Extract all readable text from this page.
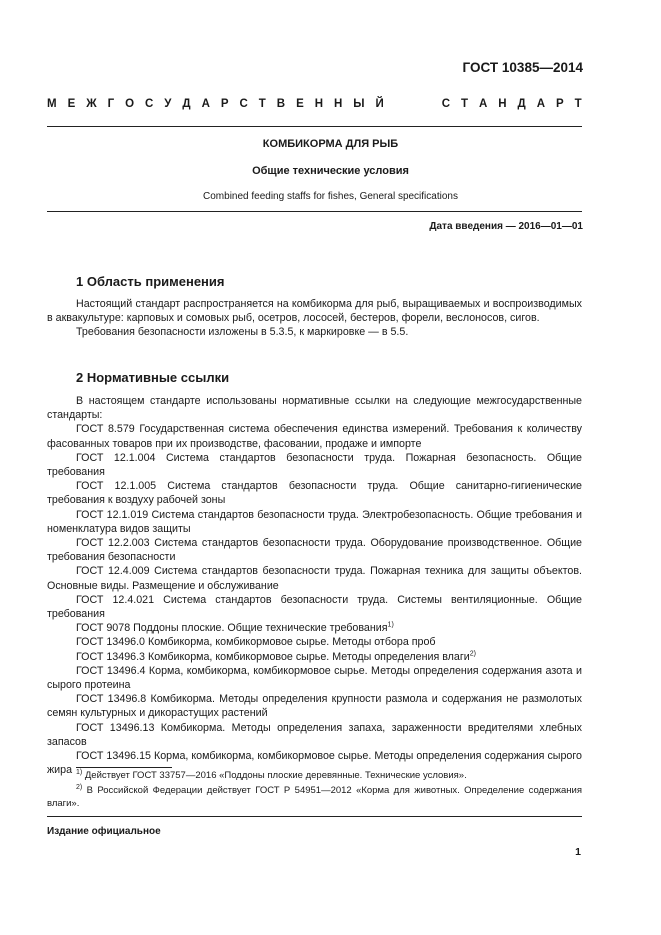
ГОСТ 10385—2014
М Е Ж Г О С У Д А Р С Т В Е Н Н Ы Й	С Т А Н Д А Р Т
КОМБИКОРМА ДЛЯ РЫБ
Общие технические условия
Combined feeding staffs for fishes, General specifications
Дата введения — 2016—01—01
1 Область применения

Настоящий стандарт распространяется на комбикорма для рыб, выращиваемых и воспроизводимых в аквакультуре: карповых и сомовых рыб, осетров, лососей, бестеров, форели, веслоносов, сигов.

Требования безопасности изложены в 5.3.5, к маркировке — в 5.5.

2 Нормативные ссылки

В настоящем стандарте использованы нормативные ссылки на следующие межгосударственные стандарты:

ГОСТ 8.579 Государственная система обеспечения единства измерений. Требования к количеству фасованных товаров при их производстве, фасовании, продаже и импорте

ГОСТ 12.1.004 Система стандартов безопасности труда. Пожарная безопасность. Общие требования

ГОСТ 12.1.005 Система стандартов безопасности труда. Общие санитарно-гигиенические требования к воздуху рабочей зоны

ГОСТ 12.1.019 Система стандартов безопасности труда. Электробезопасность. Общие требования и номенклатура видов защиты

ГОСТ 12.2.003 Система стандартов безопасности труда. Оборудование производственное. Общие требования безопасности

ГОСТ 12.4.009 Система стандартов безопасности труда. Пожарная техника для защиты объектов. Основные виды. Размещение и обслуживание

ГОСТ 12.4.021 Система стандартов безопасности труда. Системы вентиляционные. Общие требования

ГОСТ 9078 Поддоны плоские. Общие технические требования$^{1)}$

ГОСТ 13496.0 Комбикорма, комбикормовое сырье. Методы отбора проб

ГОСТ 13496.3 Комбикорма, комбикормовое сырье. Методы определения влаги$^{2)}$

ГОСТ 13496.4 Корма, комбикорма, комбикормовое сырье. Методы определения содержания азота и сырого протеина

ГОСТ 13496.8 Комбикорма. Методы определения крупности размола и содержания не размолотых семян культурных и дикорастущих растений

ГОСТ 13496.13 Комбикорма. Методы определения запаха, зараженности вредителями хлебных запасов

ГОСТ 13496.15 Корма, комбикорма, комбикормовое сырье. Методы определения содержания сырого жира $^{1)}$ Действует ГОСТ 33757—2016 «Поддоны плоские деревянные. Технические условия».

$^{2)}$ В Российской Федерации действует ГОСТ Р 54951—2012 «Корма для животных. Определение содержания влаги».

Издание официальное
1
